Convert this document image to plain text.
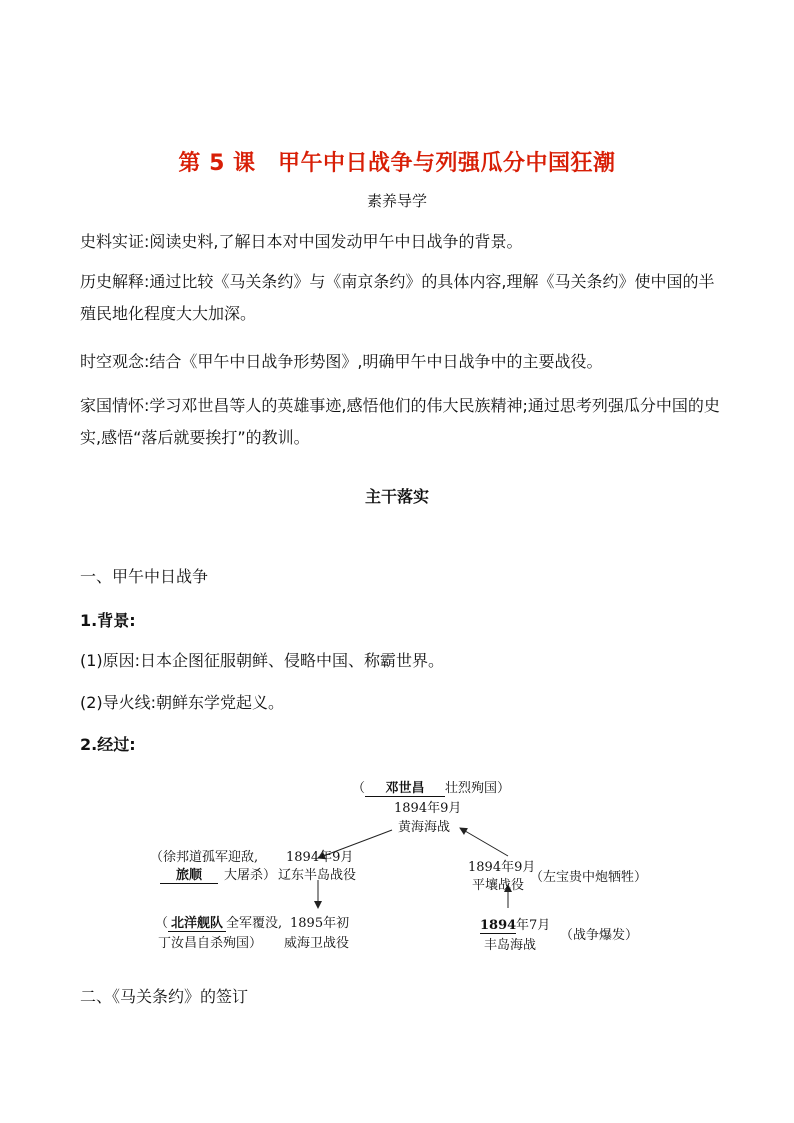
第 5 课　甲午中日战争与列强瓜分中国狂潮
素养导学
史料实证:阅读史料,了解日本对中国发动甲午中日战争的背景。
历史解释:通过比较《马关条约》与《南京条约》的具体内容,理解《马关条约》使中国的半殖民地化程度大大加深。
时空观念:结合《甲午中日战争形势图》,明确甲午中日战争中的主要战役。
家国情怀:学习邓世昌等人的英雄事迹,感悟他们的伟大民族精神;通过思考列强瓜分中国的史实,感悟“落后就要挨打”的教训。
主干落实
一、甲午中日战争
1.背景:
(1)原因:日本企图征服朝鲜、侵略中国、称霸世界。
(2)导火线:朝鲜东学党起义。
2.经过:
（ 邓世昌 壮烈殉国）
1894年9月
黄海海战
（徐邦道孤军迎敌,
旅顺 大屠杀）
1894年9月
辽东半岛战役
（ 北洋舰队 全军覆没,
丁汝昌自杀殉国）
1895年初
威海卫战役
1894年9月
平壤战役
（左宝贵中炮牺牲）
1894年7月
丰岛海战
（战争爆发）
二、《马关条约》的签订
